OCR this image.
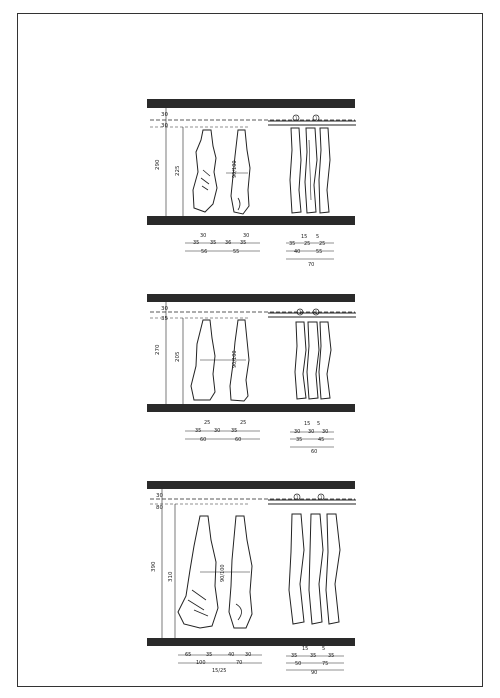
30
30
290
225	90/100
1	1
30	30
35 35 36 35
56	55
15 5
35 25 25
40	55
70
30
35
270
205	90/100
1	1
25	25
35	30 35
60	60
15 5
30 30 30
35	45
60
30
80
390
310	90/100
1	1
65	35	40 30
100	70
15/25
15	5
35	35 35
50	75
90
